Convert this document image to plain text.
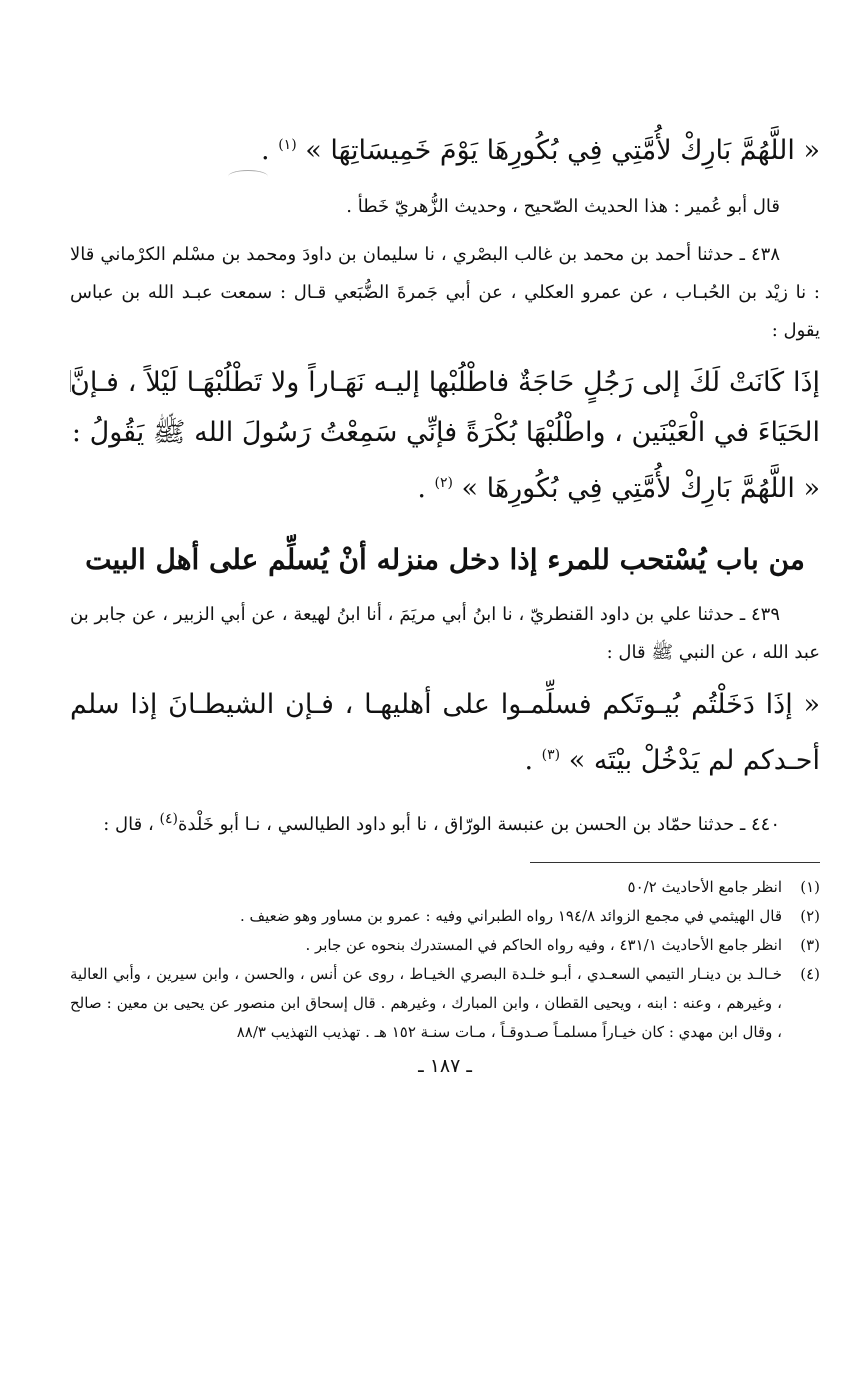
« اللَّهُمَّ بَارِكْ لأُمَّتِي فِي بُكُورِهَا يَوْمَ خَمِيسَاتِهَا » $^{(١)}$ .

قال أبو عُمير : هذا الحديث الصّحيح ، وحديث الزُّهريّ خَطأ .

٤٣٨ ـ حدثنا أحمد بن محمد بن غالب البصْري ، نا سليمان بن داودَ ومحمد بن مسْلم الكرْماني قالا : نا زيْد بن الحُبـاب ، عن عمرو العكلي ، عن أبي جَمرةَ الضُّبَعي قـال : سمعت عبـد الله بن عباس يقول :

إذَا كَانَتْ لَكَ إلى رَجُلٍ حَاجَةٌ فاطْلُبْها إليـه نَهَـاراً ولا تَطْلُبْهَـا لَيْلاً ، فـإنَّ الحَيَاءَ في الْعَيْنَين ، واطْلُبْهَا بُكْرَةً فإنِّي سَمِعْتُ رَسُولَ الله ﷺ يَقُولُ :

« اللَّهُمَّ بَارِكْ لأُمَّتِي فِي بُكُورِهَا » $^{(٢)}$ .

من باب يُسْتحب للمرء إذا دخل منزله أنْ يُسلِّم على أهل البيت

٤٣٩ ـ حدثنا علي بن داود القنطريّ ، نا ابنُ أبي مريَمَ ، أنا ابنُ لهيعة ، عن أبي الزبير ، عن جابر بن عبد الله ، عن النبي ﷺ قال :

« إذَا دَخَلْتُم بُيـوتَكم فسلِّمـوا على أهليهـا ، فـإن الشيطـانَ إذا سلم أحـدكم لم يَدْخُلْ بيْتَه » $^{(٣)}$ .

٤٤٠ ـ حدثنا حمّاد بن الحسن بن عنبسة الورّاق ، نا أبو داود الطيالسي ، نـا أبو خَلْدة$^{(٤)}$ ، قال :

(١)
انظر جامع الأحاديث ٥٠/٢
(٢)
قال الهيثمي في مجمع الزوائد ١٩٤/٨ رواه الطبراني وفيه : عمرو بن مساور وهو ضعيف .
(٣)
انظر جامع الأحاديث ٤٣١/١ ، وفيه رواه الحاكم في المستدرك بنحوه عن جابر .
(٤)
خـالـد بن دينـار التيمي السعـدي ، أبـو خلـدة البصري الخيـاط ، روى عن أنس ، والحسن ، وابن سيرين ، وأبي العالية ، وغيرهم ، وعنه : ابنه ، ويحيى القطان ، وابن المبارك ، وغيرهم . قال إسحاق ابن منصور عن يحيى بن معين : صالح ، وقال ابن مهدي : كان خيـاراً مسلمـاً صـدوقـاً ، مـات سنـة ١٥٢ هـ . تهذيب التهذيب ٨٨/٣
ـ ١٨٧ ـ
